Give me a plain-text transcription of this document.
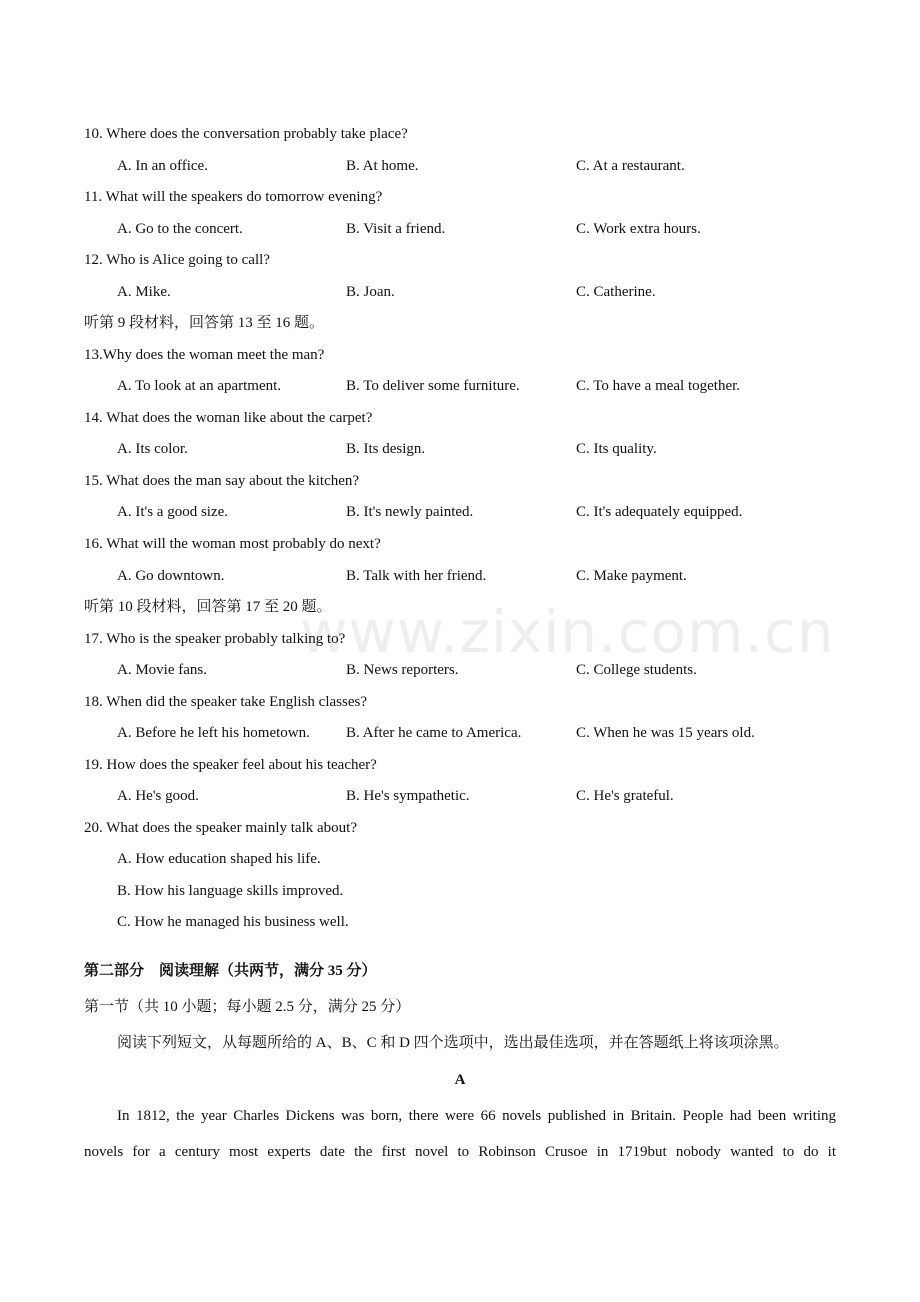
www.zixin.com.cn
10. Where does the conversation probably take place?
A. In an office.	B. At home.	C. At a restaurant.
11. What will the speakers do tomorrow evening?
A. Go to the concert.	B. Visit a friend.	C. Work extra hours.
12. Who is Alice going to call?
A. Mike.	B. Joan.	C. Catherine.
听第 9 段材料，回答第 13 至 16 题。
13.Why does the woman meet the man?
A. To look at an apartment.	B. To deliver some furniture.	C. To have a meal together.
14. What does the woman like about the carpet?
A. Its color.	B. Its design.	C. Its quality.
15. What does the man say about the kitchen?
A. It's a good size.	B. It's newly painted.	C. It's adequately equipped.
16. What will the woman most probably do next?
A. Go downtown.	B. Talk with her friend.	C. Make payment.
听第 10 段材料，回答第 17 至 20 题。
17. Who is the speaker probably talking to?
A. Movie fans.	B. News reporters.	C. College students.
18. When did the speaker take English classes?
A. Before he left his hometown. B. After he came to America.	C. When he was 15 years old.
19. How does the speaker feel about his teacher?
A. He's good.	B. He's sympathetic.	C. He's grateful.
20. What does the speaker mainly talk about?
A. How education shaped his life.
B. How his language skills improved.
C. How he managed his business well.
第二部分　阅读理解（共两节，满分 35 分）
第一节（共 10 小题；每小题 2.5 分，满分 25 分）
阅读下列短文，从每题所给的 A、B、C 和 D 四个选项中，选出最佳选项，并在答题纸上将该项涂黑。
A
In 1812, the year Charles Dickens was born, there were 66 novels published in Britain. People had been writing
novels for a century most experts date the first novel to Robinson Crusoe in 1719but nobody wanted to do it
